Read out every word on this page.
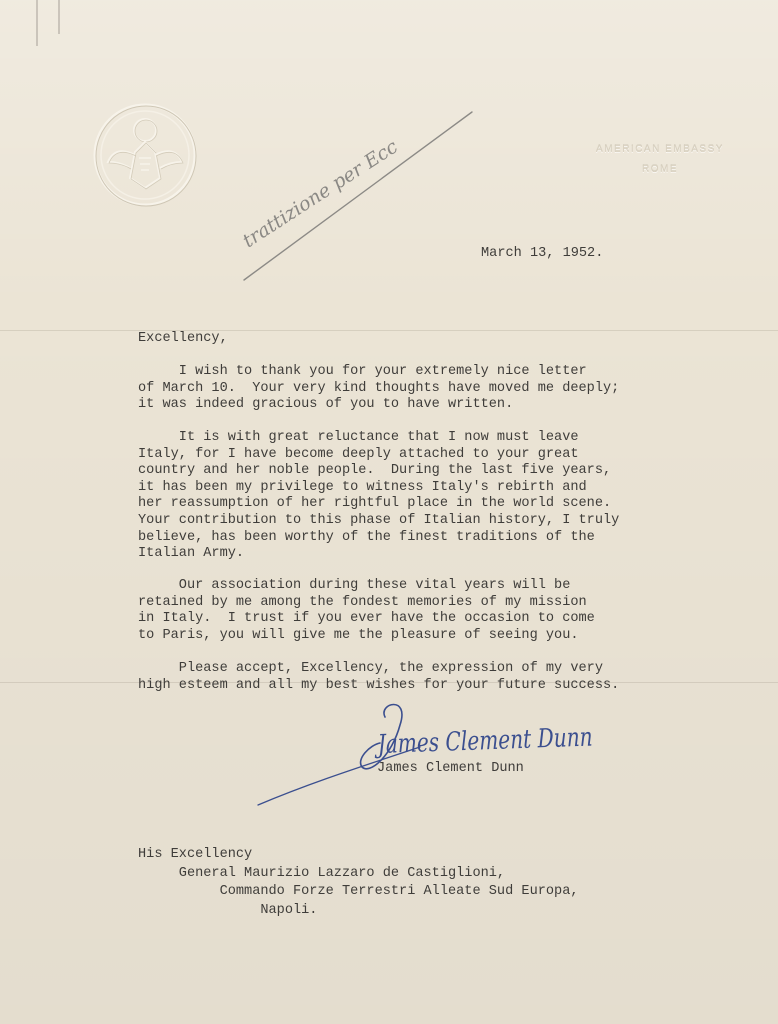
AMERICAN EMBASSY
ROME
trattizione per Ecc
March 13, 1952.
Excellency,
I wish to thank you for your extremely nice letter
of March 10.  Your very kind thoughts have moved me deeply;
it was indeed gracious of you to have written.
It is with great reluctance that I now must leave
Italy, for I have become deeply attached to your great
country and her noble people.  During the last five years,
it has been my privilege to witness Italy's rebirth and
her reassumption of her rightful place in the world scene.
Your contribution to this phase of Italian history, I truly
believe, has been worthy of the finest traditions of the
Italian Army.
Our association during these vital years will be
retained by me among the fondest memories of my mission
in Italy.  I trust if you ever have the occasion to come
to Paris, you will give me the pleasure of seeing you.
Please accept, Excellency, the expression of my very
high esteem and all my best wishes for your future success.
James Clement Dunn
James Clement Dunn
His Excellency
General Maurizio Lazzaro de Castiglioni,
Commando Forze Terrestri Alleate Sud Europa,
Napoli.
